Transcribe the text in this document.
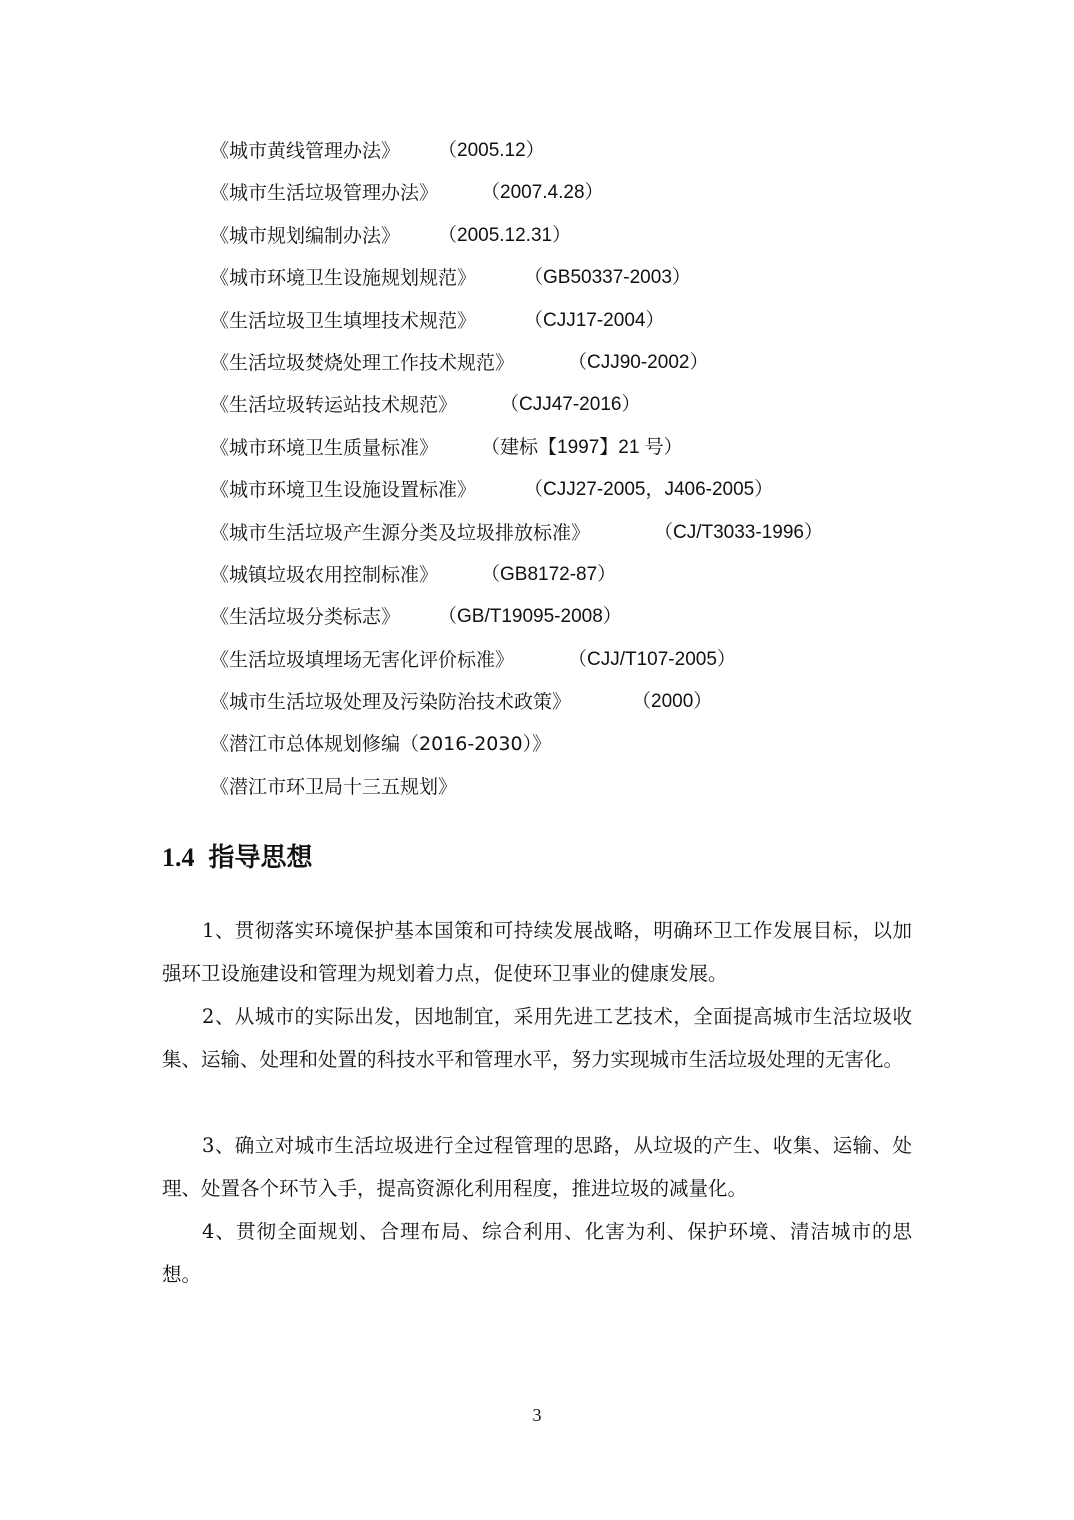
《城市黄线管理办法》 （2005.12）
《城市生活垃圾管理办法》 （2007.4.28）
《城市规划编制办法》 （2005.12.31）
《城市环境卫生设施规划规范》	（GB50337-2003）
《生活垃圾卫生填埋技术规范》	（CJJ17-2004）
《生活垃圾焚烧处理工作技术规范》	（CJJ90-2002）
《生活垃圾转运站技术规范》 （CJJ47-2016）
《城市环境卫生质量标准》 （建标【1997】21 号）
《城市环境卫生设施设置标准》	（CJJ27-2005，J406-2005）
《城市生活垃圾产生源分类及垃圾排放标准》	（CJ/T3033-1996）
《城镇垃圾农用控制标准》 （GB8172-87）
《生活垃圾分类标志》 （GB/T19095-2008）
《生活垃圾填埋场无害化评价标准》	（CJJ/T107-2005）
《城市生活垃圾处理及污染防治技术政策》	（2000）
《潜江市总体规划修编（2016-2030）》
《潜江市环卫局十三五规划》
1.4 指导思想

1、贯彻落实环境保护基本国策和可持续发展战略，明确环卫工作发展目标，以加强环卫设施建设和管理为规划着力点，促使环卫事业的健康发展。

2、从城市的实际出发，因地制宜，采用先进工艺技术，全面提高城市生活垃圾收集、运输、处理和处置的科技水平和管理水平，努力实现城市生活垃圾处理的无害化。

3、确立对城市生活垃圾进行全过程管理的思路，从垃圾的产生、收集、运输、处理、处置各个环节入手，提高资源化利用程度，推进垃圾的减量化。

4、贯彻全面规划、合理布局、综合利用、化害为利、保护环境、清洁城市的思想。

3
